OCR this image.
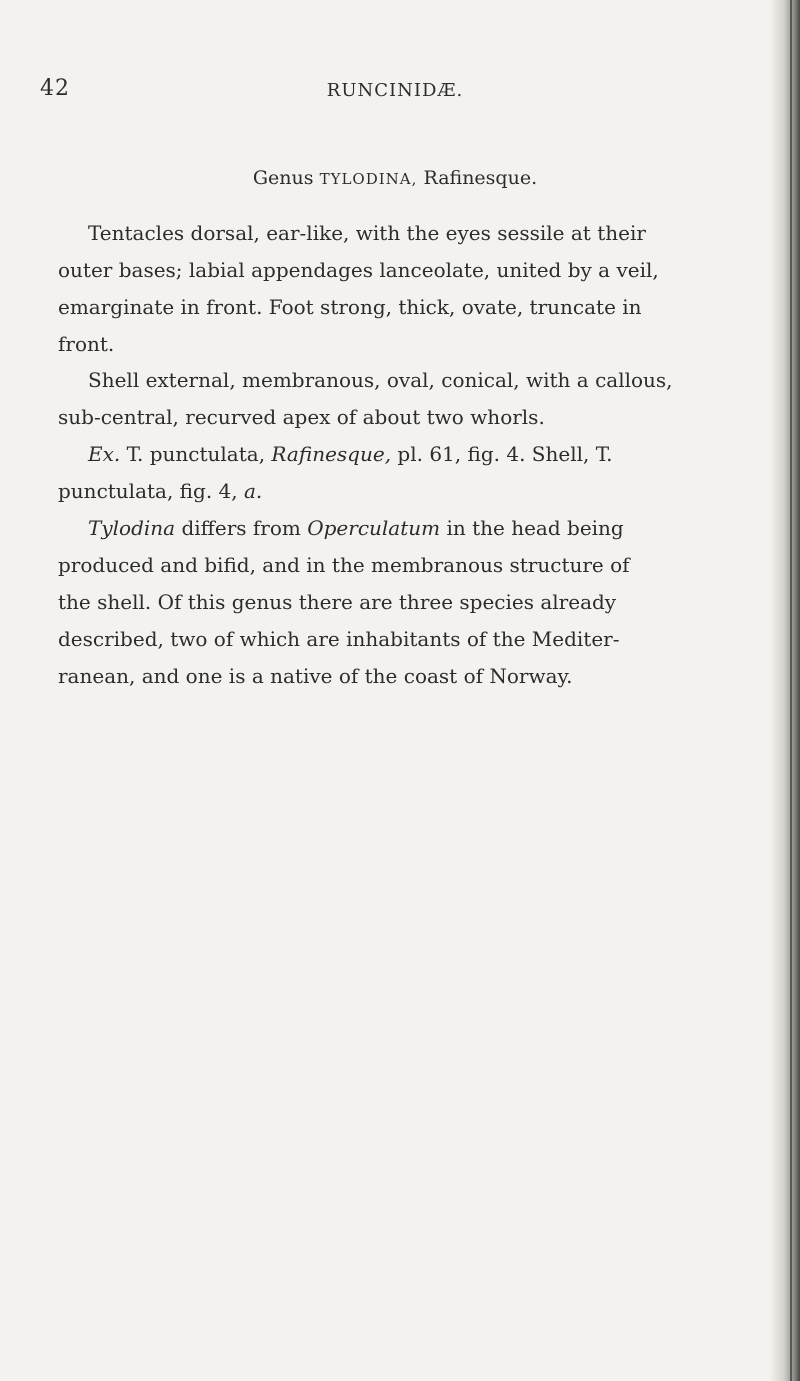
42	RUNCINIDÆ.
Genus TYLODINA, Rafinesque.
Tentacles dorsal, ear-like, with the eyes sessile at their
outer bases; labial appendages lanceolate, united by a veil,
emarginate in front. Foot strong, thick, ovate, truncate in
front.
Shell external, membranous, oval, conical, with a callous,
sub-central, recurved apex of about two whorls.
Ex. T. punctulata, Rafinesque, pl. 61, fig. 4. Shell, T.
punctulata, fig. 4, a.
Tylodina differs from Operculatum in the head being
produced and bifid, and in the membranous structure of
the shell. Of this genus there are three species already
described, two of which are inhabitants of the Mediter-
ranean, and one is a native of the coast of Norway.
